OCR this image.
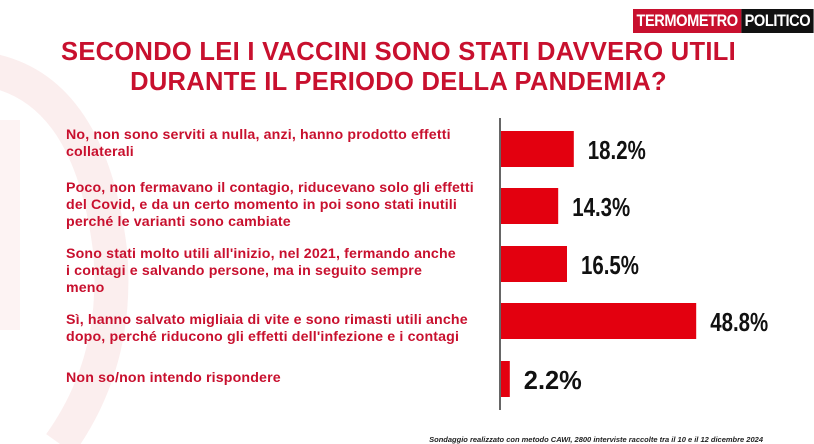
TERMOMETRO POLITICO
SECONDO LEI I VACCINI SONO STATI DAVVERO UTILI
DURANTE IL PERIODO DELLA PANDEMIA?
No, non sono serviti a nulla, anzi, hanno prodotto effetti
collaterali
Poco, non fermavano il contagio, riducevano solo gli effetti
del Covid, e da un certo momento in poi sono stati inutili
perché le varianti sono cambiate
Sono stati molto utili all'inizio, nel 2021, fermando anche
i contagi e salvando persone, ma in seguito sempre
meno
Sì, hanno salvato migliaia di vite e sono rimasti utili anche
dopo, perché riducono gli effetti dell'infezione e i contagi
Non so/non intendo rispondere
18.2%
14.3%
16.5%
48.8%
2.2%
Sondaggio realizzato con metodo CAWI, 2800 interviste raccolte tra il 10 e il 12 dicembre 2024
